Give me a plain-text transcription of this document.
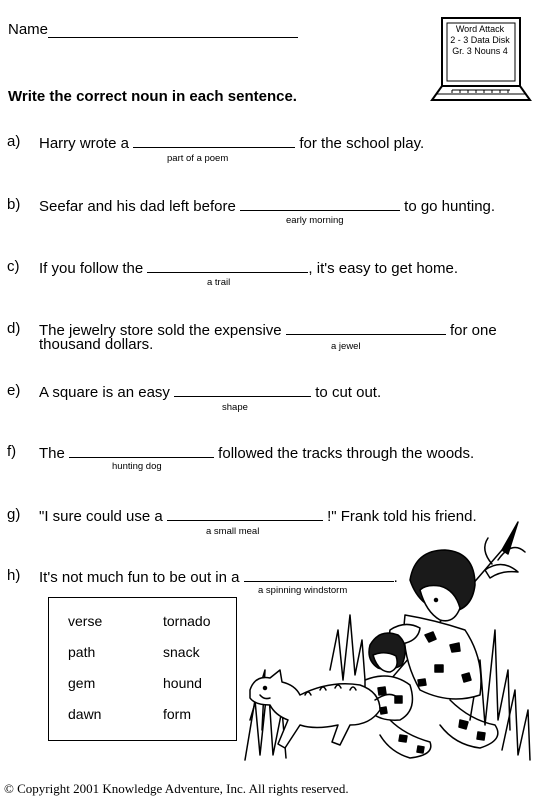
Name	Word Attack
2 - 3 Data Disk
Gr. 3 Nouns 4
Write the correct noun in each sentence.
a) Harry wrote a	for the school play.
part of a poem
b) Seefar and his dad left before	to go hunting.
early morning
c) If you follow the	, it's easy to get home.
a trail
d) The jewelry store sold the expensive	for one
thousand dollars.	a jewel
e) A square is an easy	to cut out.
shape
f) The	followed the tracks through the woods.
hunting dog
g) "I sure could use a	!" Frank told his friend.
a small meal
h) It's not much fun to be out in a	.
a spinning windstorm
verse	tornado
path	snack
gem	hound
dawn	form
© Copyright 2001 Knowledge Adventure, Inc. All rights reserved.
